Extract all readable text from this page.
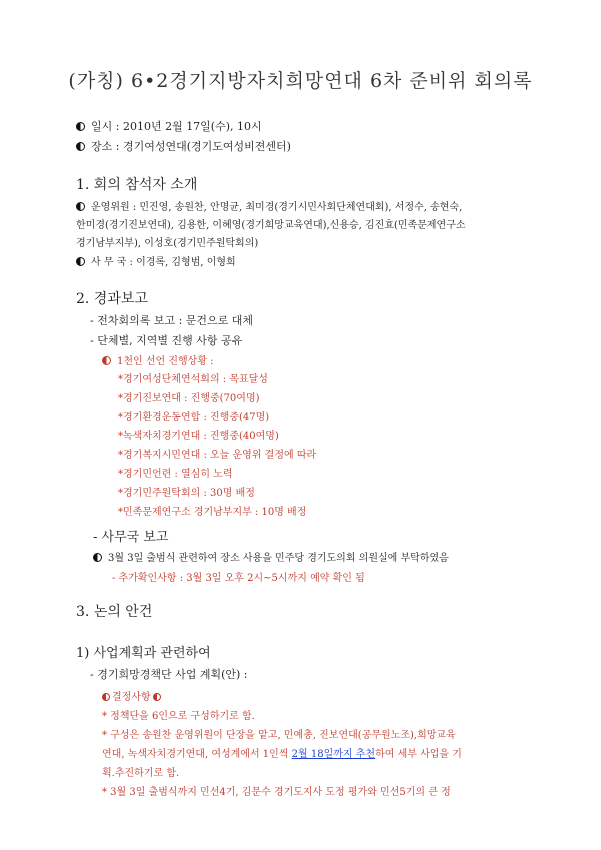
(가칭) 6•2경기지방자치희망연대 6차 준비위 회의록
일시 : 2010년 2월 17일(수), 10시
장소 : 경기여성연대(경기도여성비젼센터)
1. 회의 참석자 소개
운영위원 : 민진영, 송원찬, 안명균, 최미경(경기시민사회단체연대회), 서정수, 송현숙,
한미경(경기진보연대), 김용한, 이혜영(경기희망교육연대),신용승, 김진효(민족문제연구소
경기남부지부), 이성호(경기민주원탁회의)
사 무 국 : 이경록, 김형범, 이형희
2. 경과보고
- 전차회의록 보고 : 문건으로 대체
- 단체별, 지역별 진행 사항 공유
1천인 선언 진행상황 :
*경기여성단체연석회의 : 목표달성
*경기진보연대 : 진행중(70여명)
*경기환경운동연합 : 진행중(47명)
*녹색자치경기연대 : 진행중(40여명)
*경기복지시민연대 : 오늘 운영위 결정에 따라
*경기민언련 : 열심히 노력
*경기민주원탁회의 : 30명 배정
*민족문제연구소 경기남부지부 : 10명 배정
- 사무국 보고
3월 3일 출범식 관련하여 장소 사용을 민주당 경기도의회 의원실에 부탁하였음
- 추가확인사항 : 3월 3일 오후 2시~5시까지 예약 확인 됨
3. 논의 안건
1) 사업계획과 관련하여
- 경기희망경책단 사업 계획(안) :
결정사항
* 정책단을 6인으로 구성하기로 함.
* 구성은 송원찬 운영위원이 단장을 맡고, 민예총, 진보연대(공무원노조),희망교육
연대, 녹색자치경기연대, 여성계에서 1인씩 2월 18일까지 추천하여 세부 사업을 기
획.추진하기로 함.
* 3월 3일 출범식까지 민선4기, 김문수 경기도지사 도정 평가와 민선5기의 큰 정
